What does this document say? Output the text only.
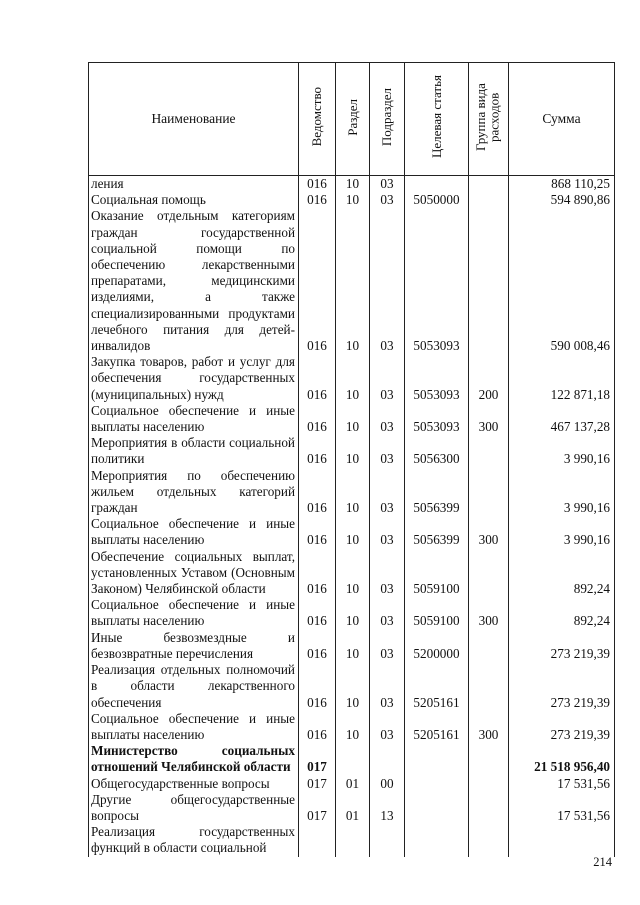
Наименование	Ведомство	Раздел	Подраздел	Целевая статья	Группа вида расходов	Сумма
ления	016	10	03			868 110,25
Социальная помощь	016	10	03	5050000		594 890,86
Оказание отдельным категориям граждан государственной социальной помощи по обеспечению лекарственными препаратами, медицинскими изделиями, а также специализированными продуктами лечебного питания для детей-инвалидов	016	10	03	5053093		590 008,46
Закупка товаров, работ и услуг для обеспечения государственных (муниципальных) нужд	016	10	03	5053093	200	122 871,18
Социальное обеспечение и иные выплаты населению	016	10	03	5053093	300	467 137,28
Мероприятия в области социальной политики	016	10	03	5056300		3 990,16
Мероприятия по обеспечению жильем отдельных категорий граждан	016	10	03	5056399		3 990,16
Социальное обеспечение и иные выплаты населению	016	10	03	5056399	300	3 990,16
Обеспечение социальных выплат, установленных Уставом (Основным Законом) Челябинской области	016	10	03	5059100		892,24
Социальное обеспечение и иные выплаты населению	016	10	03	5059100	300	892,24
Иные безвозмездные и безвозвратные перечисления	016	10	03	5200000		273 219,39
Реализация отдельных полномочий в области лекарственного обеспечения	016	10	03	5205161		273 219,39
Социальное обеспечение и иные выплаты населению	016	10	03	5205161	300	273 219,39
Министерство социальных отношений Челябинской области	017					21 518 956,40
Общегосударственные вопросы	017	01	00			17 531,56
Другие общегосударственные вопросы	017	01	13			17 531,56
Реализация государственных функций в области социальной						
214
